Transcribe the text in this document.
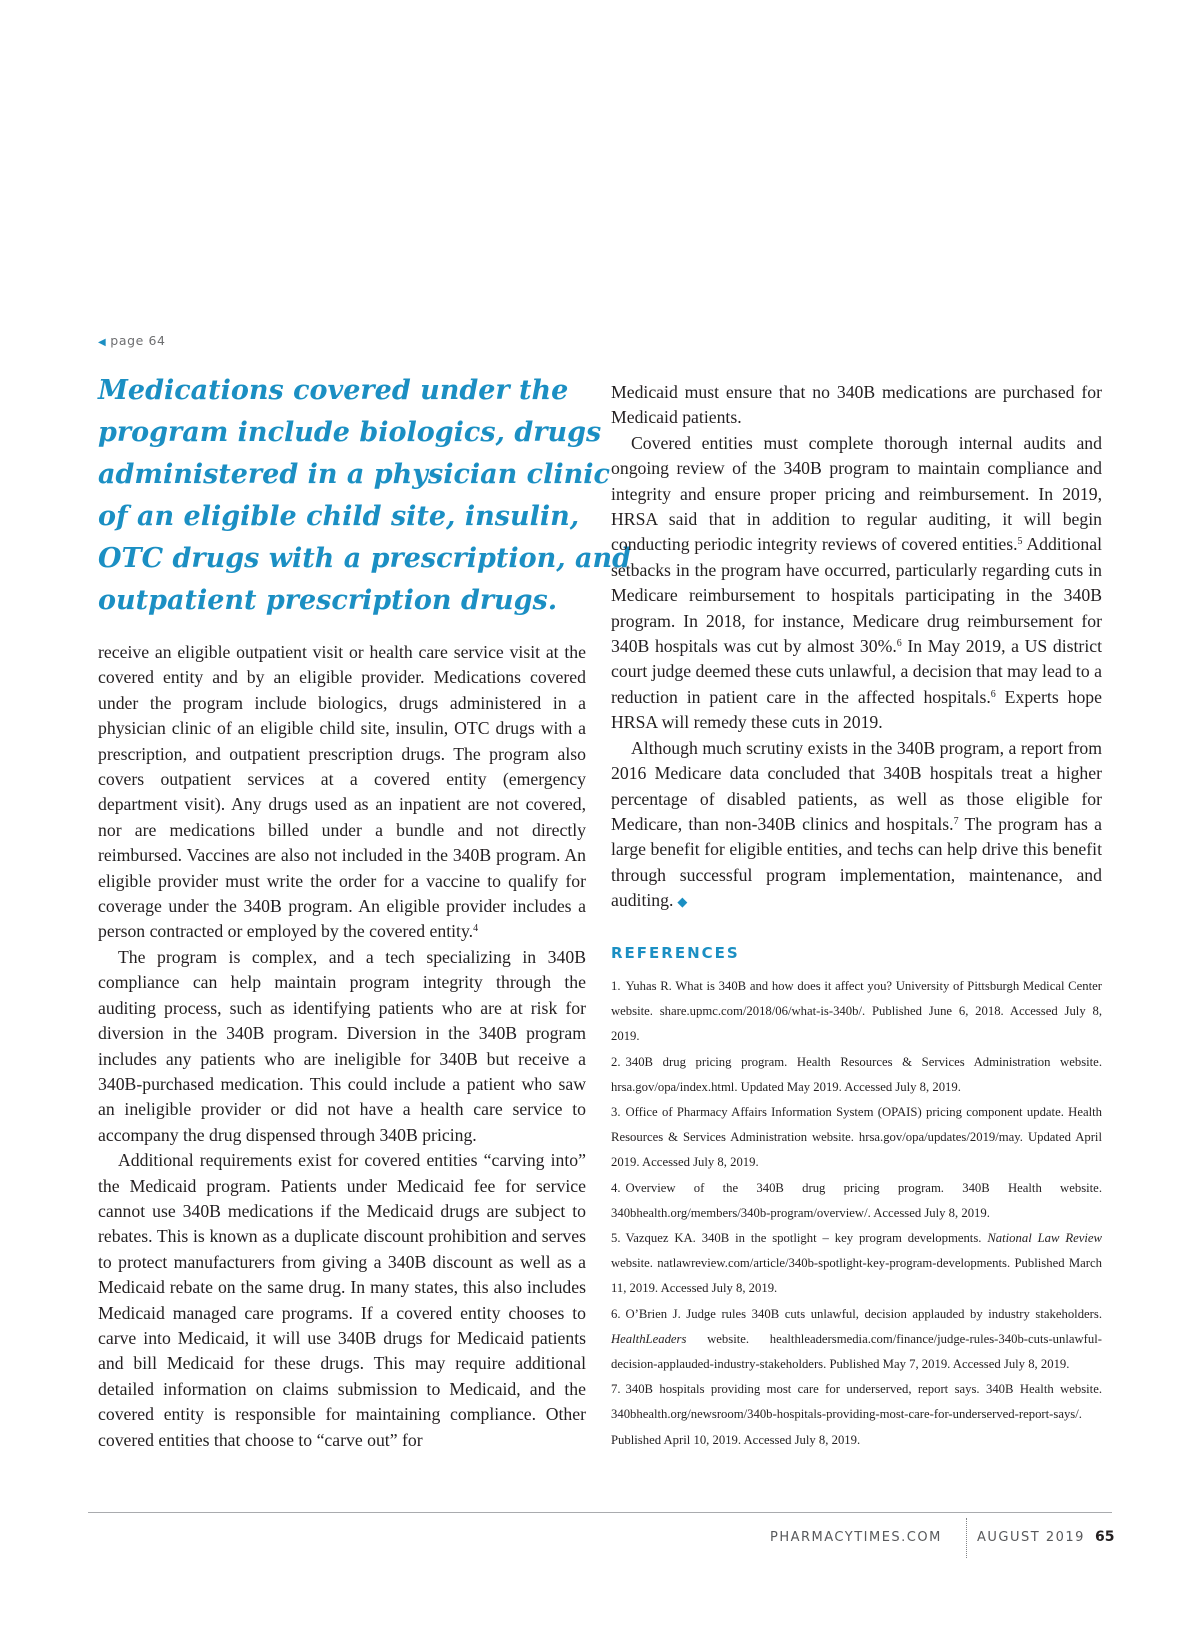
◀ page 64
Medications covered under the
program include biologics, drugs
administered in a physician clinic
of an eligible child site, insulin,
OTC drugs with a prescription, and
outpatient prescription drugs.

receive an eligible outpatient visit or health care service visit at the covered entity and by an eligible provider. Medications covered under the program include biologics, drugs administered in a physician clinic of an eligible child site, insulin, OTC drugs with a prescription, and outpatient prescription drugs. The program also covers outpatient services at a covered entity (emergency department visit). Any drugs used as an inpatient are not covered, nor are medications billed under a bundle and not directly reimbursed. Vaccines are also not included in the 340B program. An eligible provider must write the order for a vaccine to qualify for coverage under the 340B program. An eligible provider includes a person contracted or employed by the covered entity.$^4$

The program is complex, and a tech specializing in 340B compliance can help maintain program integrity through the auditing process, such as identifying patients who are at risk for diversion in the 340B program. Diversion in the 340B program includes any patients who are ineligible for 340B but receive a 340B-purchased medication. This could include a patient who saw an ineligible provider or did not have a health care service to accompany the drug dispensed through 340B pricing.

Additional requirements exist for covered entities “carving into” the Medicaid program. Patients under Medicaid fee for service cannot use 340B medications if the Medicaid drugs are subject to rebates. This is known as a duplicate discount prohibition and serves to protect manufacturers from giving a 340B discount as well as a Medicaid rebate on the same drug. In many states, this also includes Medicaid managed care programs. If a covered entity chooses to carve into Medicaid, it will use 340B drugs for Medicaid patients and bill Medicaid for these drugs. This may require additional detailed information on claims submission to Medicaid, and the covered entity is responsible for maintaining compliance. Other covered entities that choose to “carve out” for

Medicaid must ensure that no 340B medications are purchased for Medicaid patients.

Covered entities must complete thorough internal audits and ongoing review of the 340B program to maintain compliance and integrity and ensure proper pricing and reimbursement. In 2019, HRSA said that in addition to regular auditing, it will begin conducting periodic integrity reviews of covered entities.$^5$ Additional setbacks in the program have occurred, particularly regarding cuts in Medicare reimbursement to hospitals participating in the 340B program. In 2018, for instance, Medicare drug reimbursement for 340B hospitals was cut by almost 30%.$^6$ In May 2019, a US district court judge deemed these cuts unlawful, a decision that may lead to a reduction in patient care in the affected hospitals.$^6$ Experts hope HRSA will remedy these cuts in 2019.

Although much scrutiny exists in the 340B program, a report from 2016 Medicare data concluded that 340B hospitals treat a higher percentage of disabled patients, as well as those eligible for Medicare, than non-340B clinics and hospitals.$^7$ The program has a large benefit for eligible entities, and techs can help drive this benefit through successful program implementation, maintenance, and auditing. ◆

REFERENCES
1. Yuhas R. What is 340B and how does it affect you? University of Pittsburgh Medical Center website. share.upmc.com/2018/06/what-is-340b/. Published June 6, 2018. Accessed July 8, 2019.
2. 340B drug pricing program. Health Resources & Services Administration website. hrsa.gov/opa/index.html. Updated May 2019. Accessed July 8, 2019.
3. Office of Pharmacy Affairs Information System (OPAIS) pricing component update. Health Resources & Services Administration website. hrsa.gov/opa/updates/2019/may. Updated April 2019. Accessed July 8, 2019.
4. Overview of the 340B drug pricing program. 340B Health website. 340bhealth.org/members/340b-program/overview/. Accessed July 8, 2019.
5. Vazquez KA. 340B in the spotlight – key program developments. National Law Review website. natlawreview.com/article/340b-spotlight-key-program-developments. Published March 11, 2019. Accessed July 8, 2019.
6. O’Brien J. Judge rules 340B cuts unlawful, decision applauded by industry stakeholders. HealthLeaders website. healthleadersmedia.com/finance/judge-rules-340b-cuts-unlawful-decision-applauded-industry-stakeholders. Published May 7, 2019. Accessed July 8, 2019.
7. 340B hospitals providing most care for underserved, report says. 340B Health website. 340bhealth.org/newsroom/340b-hospitals-providing-most-care-for-underserved-report-says/. Published April 10, 2019. Accessed July 8, 2019.
PHARMACYTIMES.COM	AUGUST 2019 65
